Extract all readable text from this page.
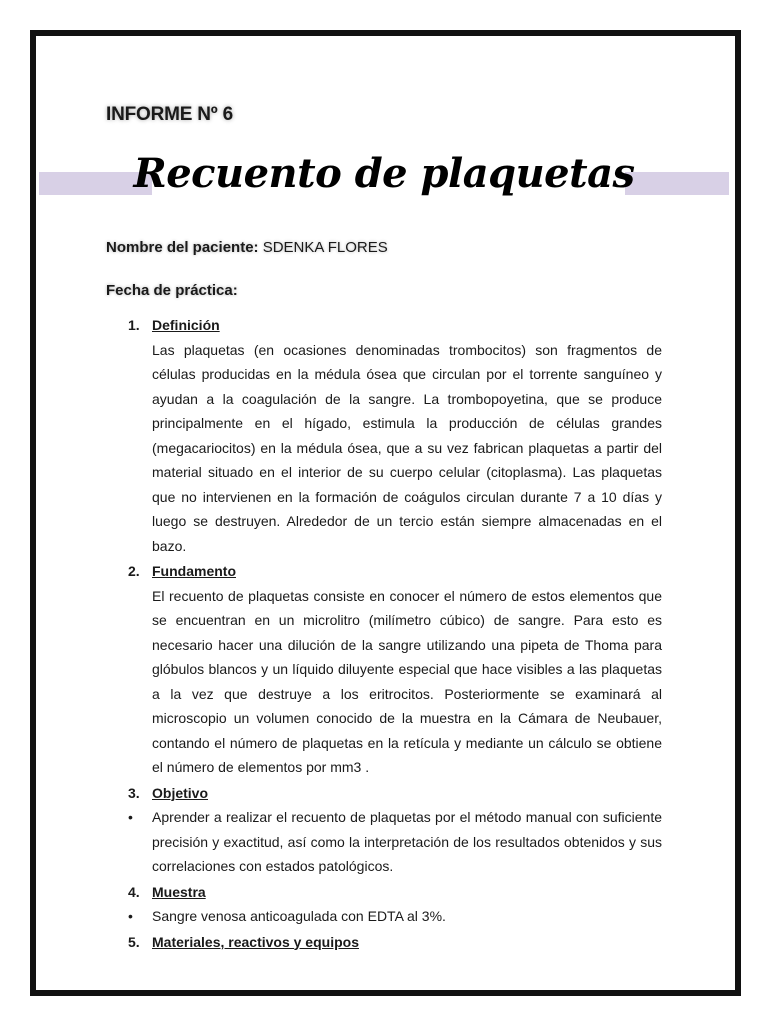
INFORME Nº 6
Recuento de plaquetas
Nombre del paciente: SDENKA FLORES
Fecha de práctica:
1. Definición
Las plaquetas (en ocasiones denominadas trombocitos) son fragmentos de células producidas en la médula ósea que circulan por el torrente sanguíneo y ayudan a la coagulación de la sangre. La trombopoyetina, que se produce principalmente en el hígado, estimula la producción de células grandes (megacariocitos) en la médula ósea, que a su vez fabrican plaquetas a partir del material situado en el interior de su cuerpo celular (citoplasma). Las plaquetas que no intervienen en la formación de coágulos circulan durante 7 a 10 días y luego se destruyen. Alrededor de un tercio están siempre almacenadas en el bazo.
2. Fundamento
El recuento de plaquetas consiste en conocer el número de estos elementos que se encuentran en un microlitro (milímetro cúbico) de sangre. Para esto es necesario hacer una dilución de la sangre utilizando una pipeta de Thoma para glóbulos blancos y un líquido diluyente especial que hace visibles a las plaquetas a la vez que destruye a los eritrocitos. Posteriormente se examinará al microscopio un volumen conocido de la muestra en la Cámara de Neubauer, contando el número de plaquetas en la retícula y mediante un cálculo se obtiene el número de elementos por mm3 .
3. Objetivo
• Aprender a realizar el recuento de plaquetas por el método manual con suficiente precisión y exactitud, así como la interpretación de los resultados obtenidos y sus correlaciones con estados patológicos.
4. Muestra
• Sangre venosa anticoagulada con EDTA al 3%.
5. Materiales, reactivos y equipos
